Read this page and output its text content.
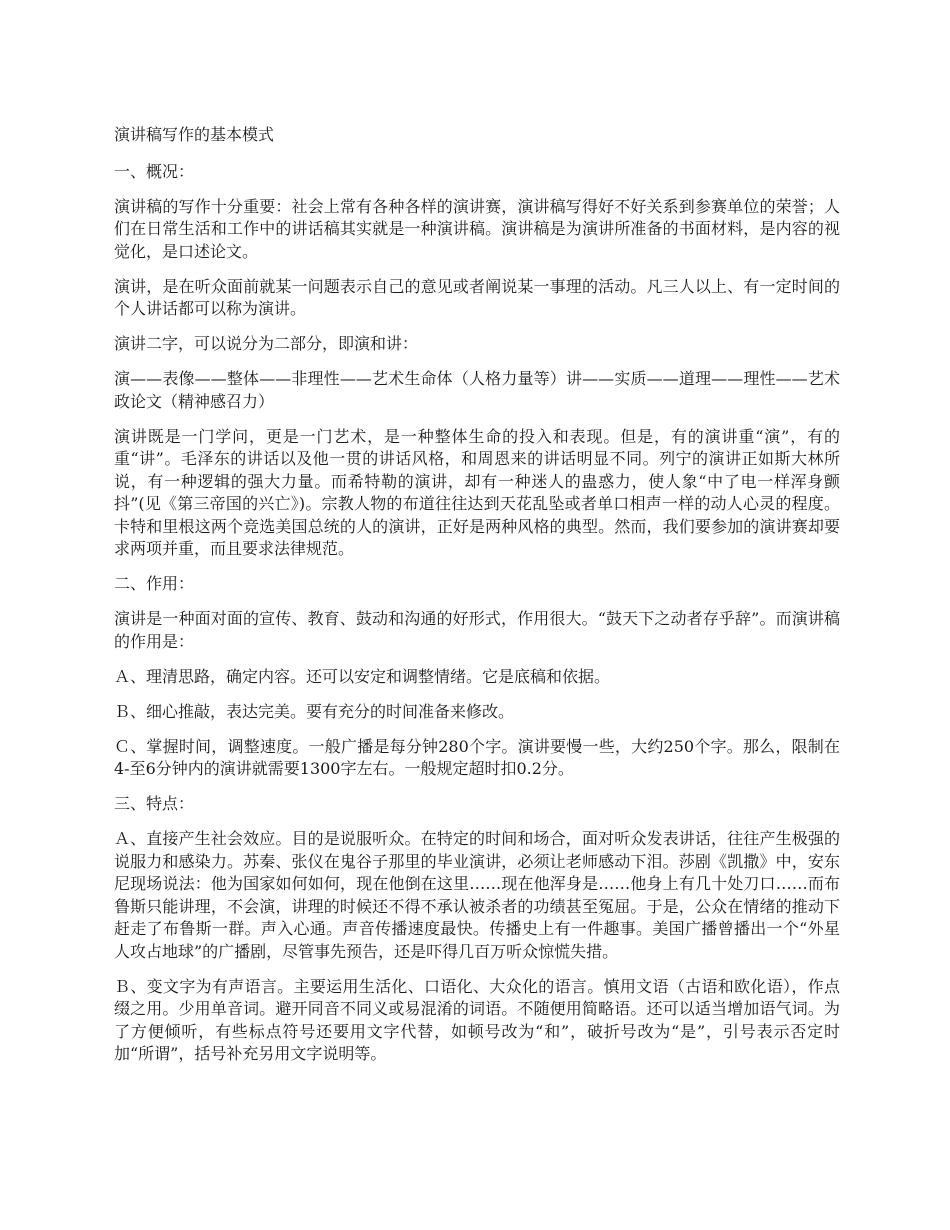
演讲稿写作的基本模式

一、概况：

演讲稿的写作十分重要：社会上常有各种各样的演讲赛，演讲稿写得好不好关系到参赛单位的荣誉；人们在日常生活和工作中的讲话稿其实就是一种演讲稿。演讲稿是为演讲所准备的书面材料，是内容的视觉化，是口述论文。

演讲，是在听众面前就某一问题表示自己的意见或者阐说某一事理的活动。凡三人以上、有一定时间的个人讲话都可以称为演讲。

演讲二字，可以说分为二部分，即演和讲：

演——表像——整体——非理性——艺术生命体（人格力量等）讲——实质——道理——理性——艺术政论文（精神感召力）

演讲既是一门学问，更是一门艺术，是一种整体生命的投入和表现。但是，有的演讲重“演”，有的重“讲”。毛泽东的讲话以及他一贯的讲话风格，和周恩来的讲话明显不同。列宁的演讲正如斯大林所说，有一种逻辑的强大力量。而希特勒的演讲，却有一种迷人的蛊惑力，使人象“中了电一样浑身颤抖”(见《第三帝国的兴亡》)。宗教人物的布道往往达到天花乱坠或者单口相声一样的动人心灵的程度。卡特和里根这两个竞选美国总统的人的演讲，正好是两种风格的典型。然而，我们要参加的演讲赛却要求两项并重，而且要求法律规范。

二、作用：

演讲是一种面对面的宣传、教育、鼓动和沟通的好形式，作用很大。“鼓天下之动者存乎辞”。而演讲稿的作用是：

Ａ、理清思路，确定内容。还可以安定和调整情绪。它是底稿和依据。

Ｂ、细心推敲，表达完美。要有充分的时间准备来修改。

Ｃ、掌握时间，调整速度。一般广播是每分钟280个字。演讲要慢一些，大约250个字。那么，限制在4-至6分钟内的演讲就需要1300字左右。一般规定超时扣0.2分。

三、特点：

Ａ、直接产生社会效应。目的是说服听众。在特定的时间和场合，面对听众发表讲话，往往产生极强的说服力和感染力。苏秦、张仪在鬼谷子那里的毕业演讲，必须让老师感动下泪。莎剧《凯撒》中，安东尼现场说法：他为国家如何如何，现在他倒在这里……现在他浑身是……他身上有几十处刀口……而布鲁斯只能讲理，不会演，讲理的时候还不得不承认被杀者的功绩甚至冤屈。于是，公众在情绪的推动下赶走了布鲁斯一群。声入心通。声音传播速度最快。传播史上有一件趣事。美国广播曾播出一个“外星人攻占地球”的广播剧，尽管事先预告，还是吓得几百万听众惊慌失措。

Ｂ、变文字为有声语言。主要运用生活化、口语化、大众化的语言。慎用文语（古语和欧化语），作点缀之用。少用单音词。避开同音不同义或易混淆的词语。不随便用简略语。还可以适当增加语气词。为了方便倾听，有些标点符号还要用文字代替，如顿号改为“和”，破折号改为“是”，引号表示否定时加“所谓”，括号补充另用文字说明等。
